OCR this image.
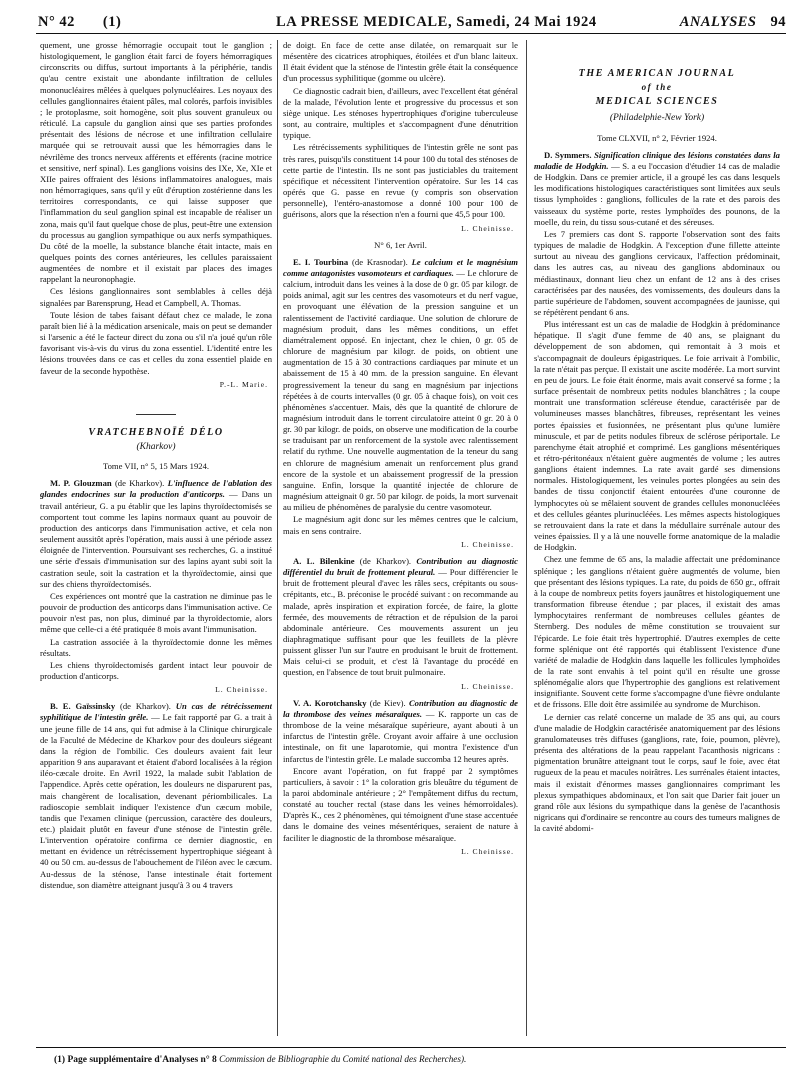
N° 42 (1)	LA PRESSE MEDICALE, Samedi, 24 Mai 1924	ANALYSES 94

quement, une grosse hémorragie occupait tout le ganglion ; histologiquement, le ganglion était farci de foyers hémorragiques circonscrits ou diffus, surtout importants à la périphérie, tandis qu'au centre existait une abondante infiltration de cellules mononucléaires mêlées à quelques polynucléaires. Les noyaux des cellules ganglionnaires étaient pâles, mal colorés, parfois invisibles ; le protoplasme, soit homogène, soit plus souvent granuleux ou réticulé. La capsule du ganglion ainsi que ses parties profondes présentait des lésions de nécrose et une infiltration cellulaire marquée qui se retrouvait aussi que les hémorragies dans le névrilème des troncs nerveux afférents et efférents (racine motrice et sensitive, nerf spinal). Les ganglions voisins des IXe, Xe, XIe et XIIe paires offraient des lésions inflammatoires analogues, mais non hémorragiques, sans qu'il y eût d'éruption zostérienne dans les territoires correspondants, ce qui laisse supposer que l'inflammation du seul ganglion spinal est incapable de réaliser un zona, mais qu'il faut quelque chose de plus, peut-être une extension du processus au ganglion sympathique ou aux nerfs sympathiques. Du côté de la moelle, la substance blanche était intacte, mais en quelques points des cornes antérieures, les cellules paraissaient augmentées de nombre et il existait par places des images rappelant la neuronophagie.

Ces lésions ganglionnaires sont semblables à celles déjà signalées par Barensprung, Head et Campbell, A. Thomas.

Toute lésion de tabes faisant défaut chez ce malade, le zona paraît bien lié à la médication arsenicale, mais on peut se demander si l'arsenic a été le facteur direct du zona ou s'il n'a joué qu'un rôle favorisant vis-à-vis du virus du zona essentiel. L'identité entre les lésions trouvées dans ce cas et celles du zona essentiel plaide en faveur de la seconde hypothèse.

P.-L. Marie.
VRATCHEBNOÏÉ DÉLO
(Kharkov)
Tome VII, n° 5, 15 Mars 1924.

M. P. Glouzman (de Kharkov). L'influence de l'ablation des glandes endocrines sur la production d'anticorps. — Dans un travail antérieur, G. a pu établir que les lapins thyroïdectomisés se comportent tout comme les lapins normaux quant au pouvoir de production des anticorps dans l'immunisation active, et cela non seulement aussitôt après l'opération, mais aussi à une période assez éloignée de l'intervention. Poursuivant ses recherches, G. a institué une série d'essais d'immunisation sur des lapins ayant subi soit la castration seule, soit la castration et la thyroïdectomie, ainsi que sur des chiens thyroïdectomisés.

Ces expériences ont montré que la castration ne diminue pas le pouvoir de production des anticorps dans l'immunisation active. Ce pouvoir n'est pas, non plus, diminué par la thyroïdectomie, alors même que celle-ci a été pratiquée 8 mois avant l'immunisation.

La castration associée à la thyroïdectomie donne les mêmes résultats.

Les chiens thyroïdectomisés gardent intact leur pouvoir de production d'anticorps.

L. Cheinisse.

B. E. Gaïssinsky (de Kharkov). Un cas de rétrécissement syphilitique de l'intestin grêle. — Le fait rapporté par G. a trait à une jeune fille de 14 ans, qui fut admise à la Clinique chirurgicale de la Faculté de Médecine de Kharkov pour des douleurs siégeant dans la région de l'ombilic. Ces douleurs avaient fait leur apparition 9 ans auparavant et étaient d'abord localisées à la région iléo-cæcale droite. En Avril 1922, la malade subit l'ablation de l'appendice. Après cette opération, les douleurs ne disparurent pas, mais changèrent de localisation, devenant périombilicales. La radioscopie semblait indiquer l'existence d'un cæcum mobile, tandis que l'examen clinique (percussion, caractère des douleurs, etc.) plaidait plutôt en faveur d'une sténose de l'intestin grêle. L'intervention opératoire confirma ce dernier diagnostic, en mettant en évidence un rétrécissement hypertrophique siégeant à 40 ou 50 cm. au-dessus de l'abouchement de l'iléon avec le cæcum. Au-dessus de la sténose, l'anse intestinale était fortement distendue, son diamètre atteignant jusqu'à 3 ou 4 travers

de doigt. En face de cette anse dilatée, on remarquait sur le mésentère des cicatrices atrophiques, étoilées et d'un blanc laiteux. Il était évident que la sténose de l'intestin grêle était la conséquence d'un processus syphilitique (gomme ou ulcère).

Ce diagnostic cadrait bien, d'ailleurs, avec l'excellent état général de la malade, l'évolution lente et progressive du processus et son siège unique. Les sténoses hypertrophiques d'origine tuberculeuse sont, au contraire, multiples et s'accompagnent d'une dénutrition typique.

Les rétrécissements syphilitiques de l'intestin grêle ne sont pas très rares, puisqu'ils constituent 14 pour 100 du total des sténoses de cette partie de l'intestin. Ils ne sont pas justiciables du traitement spécifique et nécessitent l'intervention opératoire. Sur les 14 cas opérés que G. passe en revue (y compris son observation personnelle), l'entéro-anastomose a donné 100 pour 100 de guérisons, alors que la résection n'en a fourni que 45,5 pour 100.

L. Cheinisse.
N° 6, 1er Avril.

E. I. Tourbina (de Krasnodar). Le calcium et le magnésium comme antagonistes vasomoteurs et cardiaques. — Le chlorure de calcium, introduit dans les veines à la dose de 0 gr. 05 par kilogr. de poids animal, agit sur les centres des vasomoteurs et du nerf vague, en provoquant une élévation de la pression sanguine et un ralentissement de l'activité cardiaque. Une solution de chlorure de magnésium produit, dans les mêmes conditions, un effet diamétralement opposé. En injectant, chez le chien, 0 gr. 05 de chlorure de magnésium par kilogr. de poids, on obtient une augmentation de 15 à 30 contractions cardiaques par minute et un abaissement de 15 à 40 mm. de la pression sanguine. En élevant progressivement la teneur du sang en magnésium par injections répétées à de courts intervalles (0 gr. 05 à chaque fois), on voit ces phénomènes s'accentuer. Mais, dès que la quantité de chlorure de magnésium introduit dans le torrent circulatoire atteint 0 gr. 20 à 0 gr. 30 par kilogr. de poids, on observe une modification de la courbe se traduisant par un renforcement de la systole avec ralentissement relatif du rythme. Une nouvelle augmentation de la teneur du sang en chlorure de magnésium amenait un renforcement plus grand encore de la systole et un abaissement progressif de la pression sanguine. Enfin, lorsque la quantité injectée de chlorure de magnésium atteignait 0 gr. 50 par kilogr. de poids, la mort survenait au milieu de phénomènes de paralysie du centre vasomoteur.

Le magnésium agit donc sur les mêmes centres que le calcium, mais en sens contraire.

L. Cheinisse.

A. L. Bilenkine (de Kharkov). Contribution au diagnostic différentiel du bruit de frottement pleural. — Pour différencier le bruit de frottement pleural d'avec les râles secs, crépitants ou sous-crépitants, etc., B. préconise le procédé suivant : on recommande au malade, après inspiration et expiration forcée, de faire, la glotte fermée, des mouvements de rétraction et de répulsion de la paroi abdominale antérieure. Ces mouvements assurent un jeu diaphragmatique suffisant pour que les feuillets de la plèvre puissent glisser l'un sur l'autre en produisant le bruit de frottement. Mais celui-ci se produit, et c'est là l'avantage du procédé en question, en l'absence de tout bruit pulmonaire.

L. Cheinisse.

V. A. Korotchansky (de Kiev). Contribution au diagnostic de la thrombose des veines mésaraïques. — K. rapporte un cas de thrombose de la veine mésaraïque supérieure, ayant abouti à un infarctus de l'intestin grêle. Croyant avoir affaire à une occlusion intestinale, on fit une laparotomie, qui montra l'existence d'un infarctus de l'intestin grêle. Le malade succomba 12 heures après.

Encore avant l'opération, on fut frappé par 2 symptômes particuliers, à savoir : 1° la coloration gris bleuâtre du tégument de la paroi abdominale antérieure ; 2° l'empâtement diffus du rectum, constaté au toucher rectal (stase dans les veines hémorroïdales). D'après K., ces 2 phénomènes, qui témoignent d'une stase accentuée dans le domaine des veines mésentériques, seraient de nature à faciliter le diagnostic de la thrombose mésaraïque.

L. Cheinisse.
THE AMERICAN JOURNAL
of the
MEDICAL SCIENCES
(Philadelphie-New York)
Tome CLXVII, n° 2, Février 1924.

D. Symmers. Signification clinique des lésions constatées dans la maladie de Hodgkin. — S. a eu l'occasion d'étudier 14 cas de maladie de Hodgkin. Dans ce premier article, il a groupé les cas dans lesquels les modifications histologiques caractéristiques sont limitées aux seuls tissus lymphoïdes : ganglions, follicules de la rate et des parois des vaisseaux du système porte, restes lymphoïdes des pounons, de la moelle, du rein, du tissu sous-cutané et des séreuses.

Les 7 premiers cas dont S. rapporte l'observation sont des faits typiques de maladie de Hodgkin. A l'exception d'une fillette atteinte surtout au niveau des ganglions cervicaux, l'affection prédominait, dans les autres cas, au niveau des ganglions abdominaux ou médiastinaux, donnant lieu chez un enfant de 12 ans à des crises caractérisées par des nausées, des vomissements, des douleurs dans la partie supérieure de l'abdomen, souvent accompagnées de jaunisse, qui se répétèrent pendant 6 ans.

Plus intéressant est un cas de maladie de Hodgkin à prédominance hépatique. Il s'agit d'une femme de 40 ans, se plaignant du développement de son abdomen, qui remontait à 3 mois et s'accompagnait de douleurs épigastriques. Le foie arrivait à l'ombilic, la rate n'était pas perçue. Il existait une ascite modérée. La mort survint en peu de jours. Le foie était énorme, mais avait conservé sa forme ; la surface présentait de nombreux petits nodules blanchâtres ; la coupe montrait une transformation scléreuse étendue, caractérisée par de volumineuses masses blanchâtres, fibreuses, représentant les veines portes épaissies et fusionnées, ne présentant plus qu'une lumière minuscule, et par de petits nodules fibreux de sclérose périportale. Le parenchyme était atrophié et comprimé. Les ganglions mésentériques et rétro-péritonéaux n'étaient guère augmentés de volume ; les autres ganglions étaient indemnes. La rate avait gardé ses dimensions normales. Histologiquement, les veinules portes plongées au sein des bandes de tissu conjonctif étaient entourées d'une couronne de lymphocytes où se mêlaient souvent de grandes cellules mononucléées et des cellules géantes plurinucléées. Les mêmes aspects histologiques se retrouvaient dans la rate et dans la médullaire surrénale autour des veines épaissies. Il y a là une nouvelle forme anatomique de la maladie de Hodgkin.

Chez une femme de 65 ans, la maladie affectait une prédominance splénique ; les ganglions n'étaient guère augmentés de volume, bien que présentant des lésions typiques. La rate, du poids de 650 gr., offrait à la coupe de nombreux petits foyers jaunâtres et histologiquement une transformation fibreuse étendue ; par places, il existait des amas lymphocytaires renfermant de nombreuses cellules géantes de Sternberg. Des nodules de même constitution se trouvaient sur l'épicarde. Le foie était très hypertrophié. D'autres exemples de cette forme splénique ont été rapportés qui établissent l'existence d'une variété de maladie de Hodgkin dans laquelle les follicules lymphoïdes de la rate sont envahis à tel point qu'il en résulte une grosse splénomégalie alors que l'hypertrophie des ganglions est relativement insignifiante. Souvent cette forme s'accompagne d'une fièvre ondulante et de frissons. Elle doit être assimilée au syndrome de Murchison.

Le dernier cas relaté concerne un malade de 35 ans qui, au cours d'une maladie de Hodgkin caractérisée anatomiquement par des lésions granulomateuses très diffuses (ganglions, rate, foie, poumon, plèvre), présenta des altérations de la peau rappelant l'acanthosis nigricans : pigmentation brunâtre atteignant tout le corps, sauf le foie, avec état rugueux de la peau et macules noirâtres. Les surrénales étaient intactes, mais il existait d'énormes masses ganglionnaires comprimant les plexus sympathiques abdominaux, et l'on sait que Darier fait jouer un grand rôle aux lésions du sympathique dans la genèse de l'acanthosis nigricans qui d'ordinaire se rencontre au cours des tumeurs malignes de la cavité abdomi-

(1) Page supplémentaire d'Analyses n° 8 Commission de Bibliographie du Comité national des Recherches).
